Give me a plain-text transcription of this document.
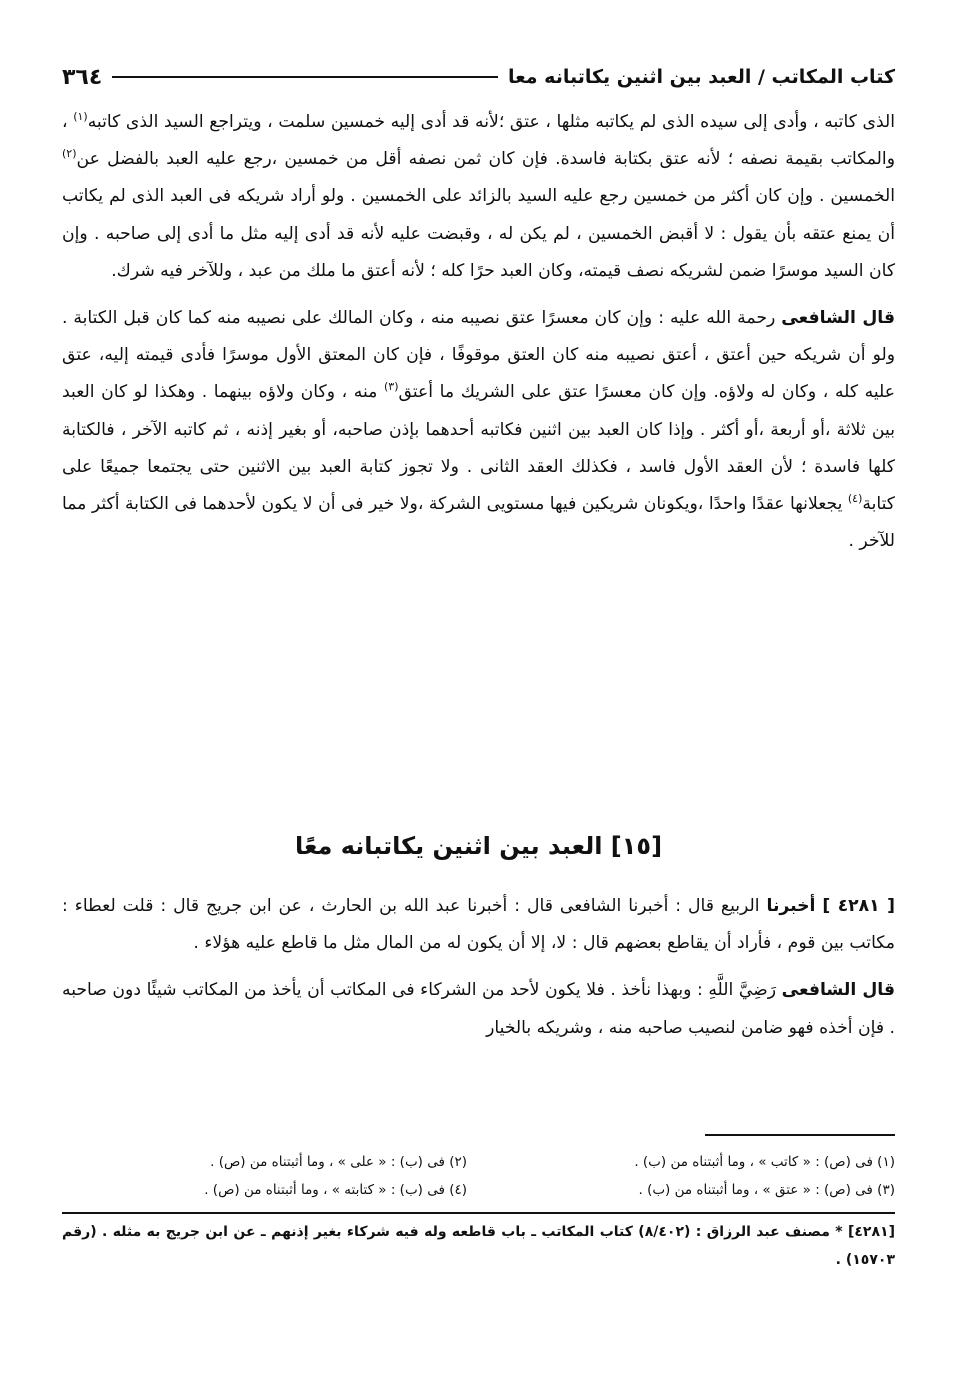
كتاب المكاتب / العبد بين اثنين يكاتبانه معا
٣٦٤

الذى كاتبه ، وأدى إلى سيده الذى لم يكاتبه مثلها ، عتق ؛لأنه قد أدى إليه خمسين سلمت ، ويتراجع السيد الذى كاتبه$^{(١)}$ ، والمكاتب بقيمة نصفه ؛ لأنه عتق بكتابة فاسدة. فإن كان ثمن نصفه أقل من خمسين ،رجع عليه العبد بالفضل عن$^{(٢)}$ الخمسين . وإن كان أكثر من خمسين رجع عليه السيد بالزائد على الخمسين . ولو أراد شريكه فى العبد الذى لم يكاتب أن يمنع عتقه بأن يقول : لا أقبض الخمسين ، لم يكن له ، وقبضت عليه لأنه قد أدى إليه مثل ما أدى إلى صاحبه . وإن كان السيد موسرًا ضمن لشريكه نصف قيمته، وكان العبد حرًا كله ؛ لأنه أعتق ما ملك من عبد ، وللآخر فيه شرك.

قال الشافعى رحمة الله عليه : وإن كان معسرًا عتق نصيبه منه ، وكان المالك على نصيبه منه كما كان قبل الكتابة . ولو أن شريكه حين أعتق ، أعتق نصيبه منه كان العتق موقوفًا ، فإن كان المعتق الأول موسرًا فأدى قيمته إليه، عتق عليه كله ، وكان له ولاؤه. وإن كان معسرًا عتق على الشريك ما أعتق$^{(٣)}$ منه ، وكان ولاؤه بينهما . وهكذا لو كان العبد بين ثلاثة ،أو أربعة ،أو أكثر . وإذا كان العبد بين اثنين فكاتبه أحدهما بإذن صاحبه، أو بغير إذنه ، ثم كاتبه الآخر ، فالكتابة كلها فاسدة ؛ لأن العقد الأول فاسد ، فكذلك العقد الثانى . ولا تجوز كتابة العبد بين الاثنين حتى يجتمعا جميعًا على كتابة$^{(٤)}$ يجعلانها عقدًا واحدًا ،ويكونان شريكين فيها مستويى الشركة ،ولا خير فى أن لا يكون لأحدهما فى الكتابة أكثر مما للآخر .

[١٥] العبد بين اثنين يكاتبانه معًا

[ ٤٢٨١ ] أخبرنا الربيع قال : أخبرنا الشافعى قال : أخبرنا عبد الله بن الحارث ، عن ابن جريج قال : قلت لعطاء : مكاتب بين قوم ، فأراد أن يقاطع بعضهم قال : لا، إلا أن يكون له من المال مثل ما قاطع عليه هؤلاء .

قال الشافعى رَضِيَّ اللَّهِ : وبهذا نأخذ . فلا يكون لأحد من الشركاء فى المكاتب أن يأخذ من المكاتب شيئًا دون صاحبه . فإن أخذه فهو ضامن لنصيب صاحبه منه ، وشريكه بالخيار

(١) فى (ص) : « كاتب » ، وما أثبتناه من (ب) .
(٢) فى (ب) : « على » ، وما أثبتناه من (ص) .
(٣) فى (ص) : « عتق » ، وما أثبتناه من (ب) .
(٤) فى (ب) : « كتابته » ، وما أثبتناه من (ص) .

[٤٢٨١] * مصنف عبد الرزاق : (٨/٤٠٢) كتاب المكاتب ـ باب قاطعه وله فيه شركاء بغير إذنهم ـ عن ابن جريج به مثله . (رقم ١٥٧٠٣) .
